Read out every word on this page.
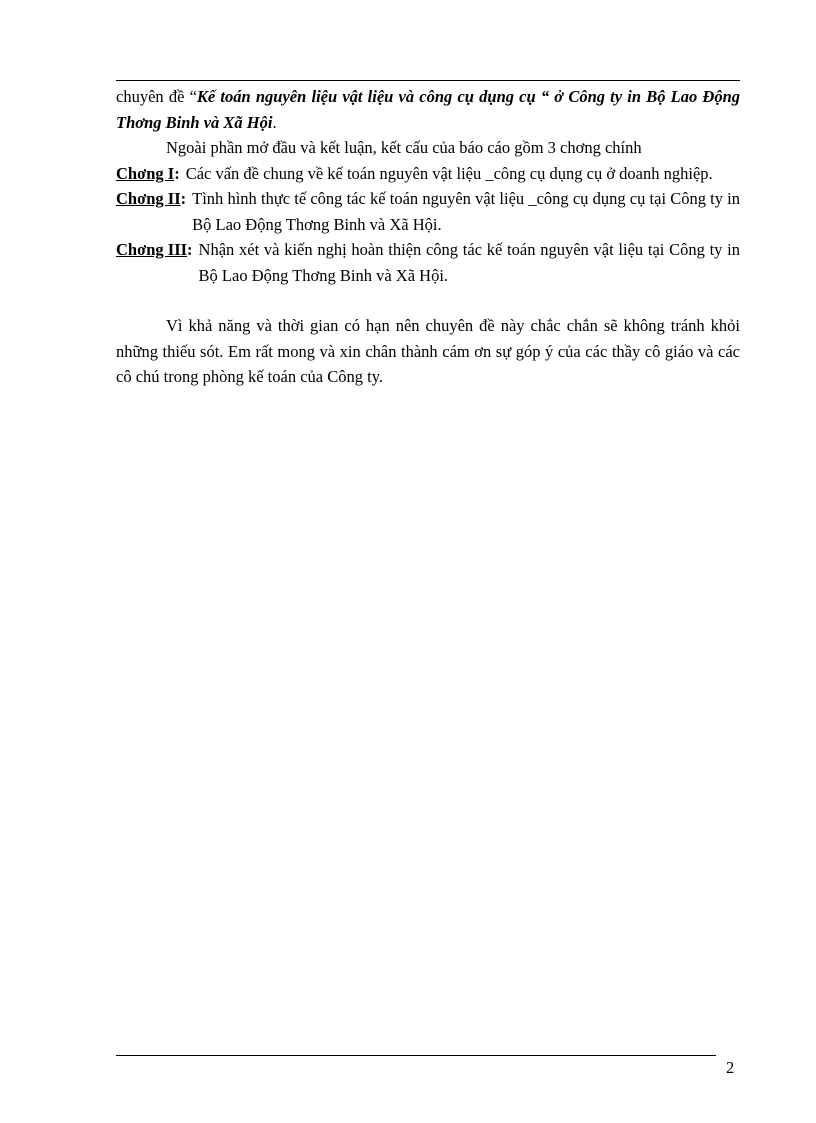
chuyên đề “Kế toán nguyên liệu vật liệu và công cụ dụng cụ “ ở Công ty in Bộ Lao Động Thơng Binh và Xã Hội.

Ngoài phần mở đầu và kết luận, kết cấu của báo cáo gồm 3 chơng chính

Chơng I : Các vấn đề chung về kế toán nguyên vật liệu _công cụ dụng cụ ở doanh nghiệp.
Chơng II : Tình hình thực tế công tác kế toán nguyên vật liệu _công cụ dụng cụ tại Công ty in Bộ Lao Động Thơng Binh và Xã Hội.
Chơng III : Nhận xét và kiến nghị hoàn thiện công tác kế toán nguyên vật liệu tại Công ty in Bộ Lao Động Thơng Binh và Xã Hội.

Vì khả năng và thời gian có hạn nên chuyên đề này chắc chắn sẽ không tránh khỏi những thiếu sót. Em rất mong và xin chân thành cám ơn sự góp ý của các thầy cô giáo và các cô chú trong phòng kế toán của Công ty.

2
